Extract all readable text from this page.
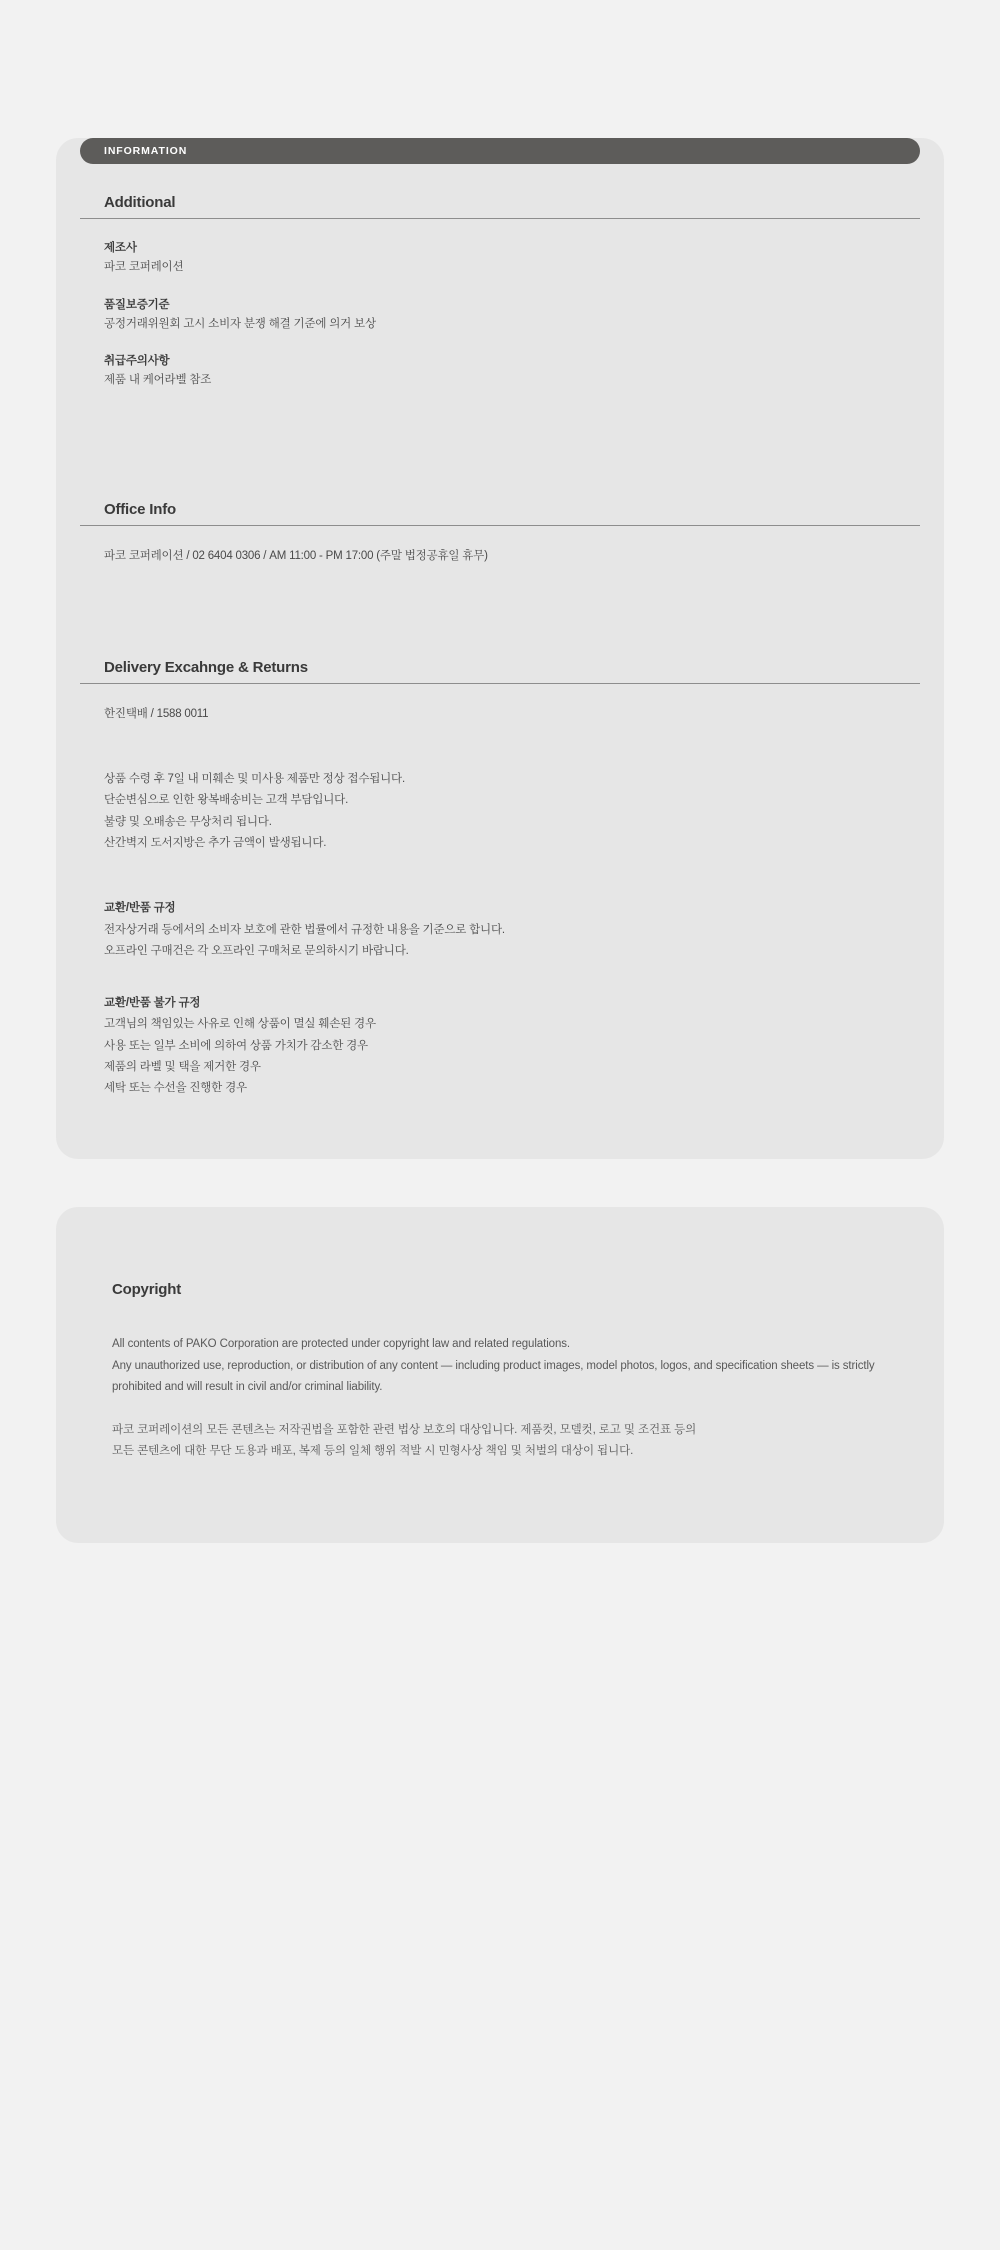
INFORMATION
Additional
제조사
파코 코퍼레이션
품질보증기준
공정거래위원회 고시 소비자 분쟁 해결 기준에 의거 보상
취급주의사항
제품 내 케어라벨 참조
Office Info
파코 코퍼레이션 / 02 6404 0306 / AM 11:00 - PM 17:00 (주말 법정공휴일 휴무)
Delivery Excahnge & Returns
한진택배 / 1588 0011
상품 수령 후 7일 내 미훼손 및 미사용 제품만 정상 접수됩니다.
단순변심으로 인한 왕복배송비는 고객 부담입니다.
불량 및 오배송은 무상처리 됩니다.
산간벽지 도서지방은 추가 금액이 발생됩니다.
교환/반품 규정
전자상거래 등에서의 소비자 보호에 관한 법률에서 규정한 내용을 기준으로 합니다.
오프라인 구매건은 각 오프라인 구매처로 문의하시기 바랍니다.
교환/반품 불가 규정
고객님의 책임있는 사유로 인해 상품이 멸실 훼손된 경우
사용 또는 일부 소비에 의하여 상품 가치가 감소한 경우
제품의 라벨 및 택을 제거한 경우
세탁 또는 수선을 진행한 경우
Copyright
All contents of PAKO Corporation are protected under copyright law and related regulations.
Any unauthorized use, reproduction, or distribution of any content — including product images, model photos, logos, and specification sheets — is strictly prohibited and will result in civil and/or criminal liability.
파코 코퍼레이션의 모든 콘텐츠는 저작권법을 포함한 관련 법상 보호의 대상입니다. 제품컷, 모델컷, 로고 및 조건표 등의
모든 콘텐츠에 대한 무단 도용과 배포, 복제 등의 일체 행위 적발 시 민형사상 책임 및 처벌의 대상이 됩니다.
